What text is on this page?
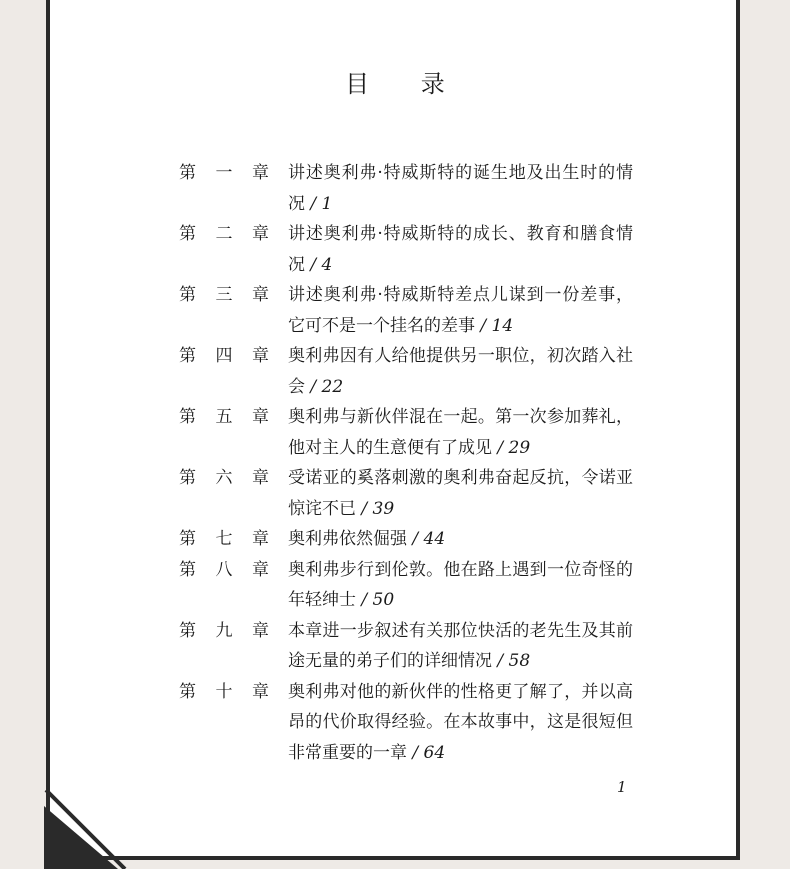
目 录
第 一 章 讲述奥利弗·特威斯特的诞生地及出生时的情况 / 1
第 二 章 讲述奥利弗·特威斯特的成长、教育和膳食情况 / 4
第 三 章 讲述奥利弗·特威斯特差点儿谋到一份差事，它可不是一个挂名的差事 / 14
第 四 章 奥利弗因有人给他提供另一职位，初次踏入社会 / 22
第 五 章 奥利弗与新伙伴混在一起。第一次参加葬礼，他对主人的生意便有了成见 / 29
第 六 章 受诺亚的奚落刺激的奥利弗奋起反抗，令诺亚惊诧不已 / 39
第 七 章 奥利弗依然倔强 / 44
第 八 章 奥利弗步行到伦敦。他在路上遇到一位奇怪的年轻绅士 / 50
第 九 章 本章进一步叙述有关那位快活的老先生及其前途无量的弟子们的详细情况 / 58
第 十 章 奥利弗对他的新伙伴的性格更了解了，并以高昂的代价取得经验。在本故事中，这是很短但非常重要的一章 / 64
1
